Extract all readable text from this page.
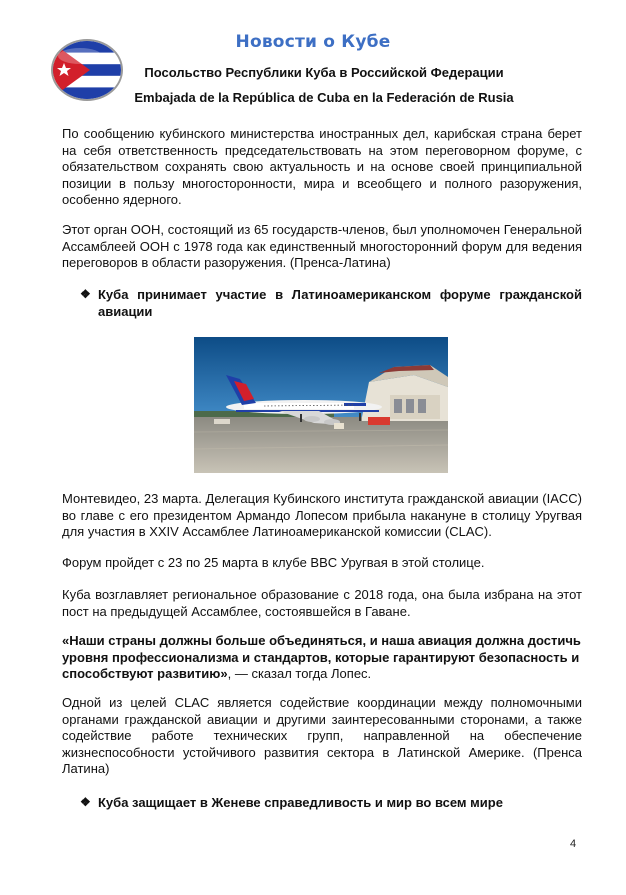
Новости о Кубе
Посольство Республики Куба в Российской Федерации
Embajada de la República de Cuba en la Federación de Rusia

По сообщению кубинского министерства иностранных дел, карибская страна берет на себя ответственность председательствовать на этом переговорном форуме, с обязательством сохранять свою актуальность и на основе своей принципиальной позиции в пользу многосторонности, мира и всеобщего и полного разоружения, особенно ядерного.

Этот орган ООН, состоящий из 65 государств-членов, был уполномочен Генеральной Ассамблеей ООН с 1978 года как единственный многосторонний форум для ведения переговоров в области разоружения. (Пренса-Латина)

❖ Куба принимает участие в Латиноамериканском форуме гражданской авиации

Монтевидео, 23 марта. Делегация Кубинского института гражданской авиации (IACC) во главе с его президентом Армандо Лопесом прибыла накануне в столицу Уругвая для участия в XXIV Ассамблее Латиноамериканской комиссии (CLAC).

Форум пройдет с 23 по 25 марта в клубе BBC Уругвая в этой столице.

Куба возглавляет региональное образование с 2018 года, она была избрана на этот пост на предыдущей Ассамблее, состоявшейся в Гаване.

«Наши страны должны больше объединяться, и наша авиация должна достичь уровня профессионализма и стандартов, которые гарантируют безопасность и способствуют развитию», — сказал тогда Лопес.

Одной из целей CLAC является содействие координации между полномочными органами гражданской авиации и другими заинтересованными сторонами, а также содействие работе технических групп, направленной на обеспечение жизнеспособности устойчивого развития сектора в Латинской Америке. (Пренса Латина)

❖ Куба защищает в Женеве справедливость и мир во всем мире
4
